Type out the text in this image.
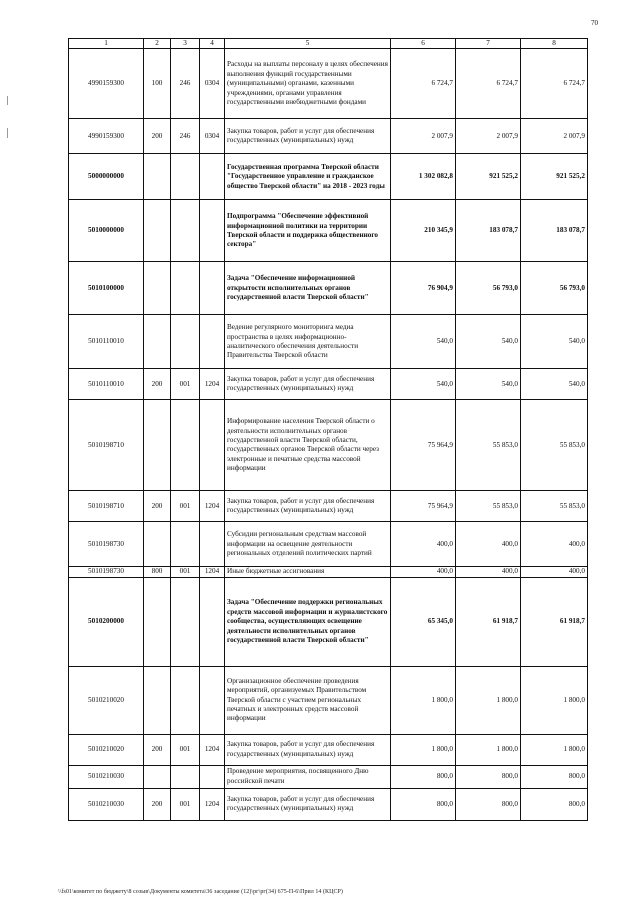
70
1	2	3	4	5	6	7	8
4990159300	100	246	0304	Расходы на выплаты персоналу в целях обеспечения выполнения функций государственными (муниципальными) органами, казенными учреждениями, органами управления государственными внебюджетными фондами	6 724,7	6 724,7	6 724,7
4990159300	200	246	0304	Закупка товаров, работ и услуг для обеспечения государственных (муниципальных) нужд	2 007,9	2 007,9	2 007,9
5000000000				Государственная программа Тверской области "Государственное управление и гражданское общество Тверской области" на 2018 - 2023 годы	1 302 082,8	921 525,2	921 525,2
5010000000				Подпрограмма "Обеспечение эффективной информационной политики на территории Тверской области и поддержка общественного сектора"	210 345,9	183 078,7	183 078,7
5010100000				Задача "Обеспечение информационной открытости исполнительных органов государственной власти Тверской области"	76 904,9	56 793,0	56 793,0
5010110010				Ведение регулярного мониторинга медиа пространства в целях информационно-аналитического обеспечения деятельности Правительства Тверской области	540,0	540,0	540,0
5010110010	200	001	1204	Закупка товаров, работ и услуг для обеспечения государственных (муниципальных) нужд	540,0	540,0	540,0
5010198710				Информирование населения Тверской области о деятельности исполнительных органов государственной власти Тверской области, государственных органов Тверской области через электронные и печатные средства массовой информации	75 964,9	55 853,0	55 853,0
5010198710	200	001	1204	Закупка товаров, работ и услуг для обеспечения государственных (муниципальных) нужд	75 964,9	55 853,0	55 853,0
5010198730				Субсидии региональным средствам массовой информации на освещение деятельности региональных отделений политических партий	400,0	400,0	400,0
5010198730	800	001	1204	Иные бюджетные ассигнования	400,0	400,0	400,0
5010200000				Задача "Обеспечение поддержки региональных средств массовой информации и журналистского сообщества, осуществляющих освещение деятельности исполнительных органов государственной власти Тверской области"	65 345,0	61 918,7	61 918,7
5010210020				Организационное обеспечение проведения мероприятий, организуемых Правительством Тверской области с участием региональных печатных и электронных средств массовой информации	1 800,0	1 800,0	1 800,0
5010210020	200	001	1204	Закупка товаров, работ и услуг для обеспечения государственных (муниципальных) нужд	1 800,0	1 800,0	1 800,0
5010210030				Проведение мероприятия, посвященного Дню российской печати	800,0	800,0	800,0
5010210030	200	001	1204	Закупка товаров, работ и услуг для обеспечения государственных (муниципальных) нужд	800,0	800,0	800,0
\\fs01\комитет по бюджету\8 созыв\Документы комитета\36 заседание (12)\рг\рг(34) 675-П-6\Прил 14 (КЦСР)
